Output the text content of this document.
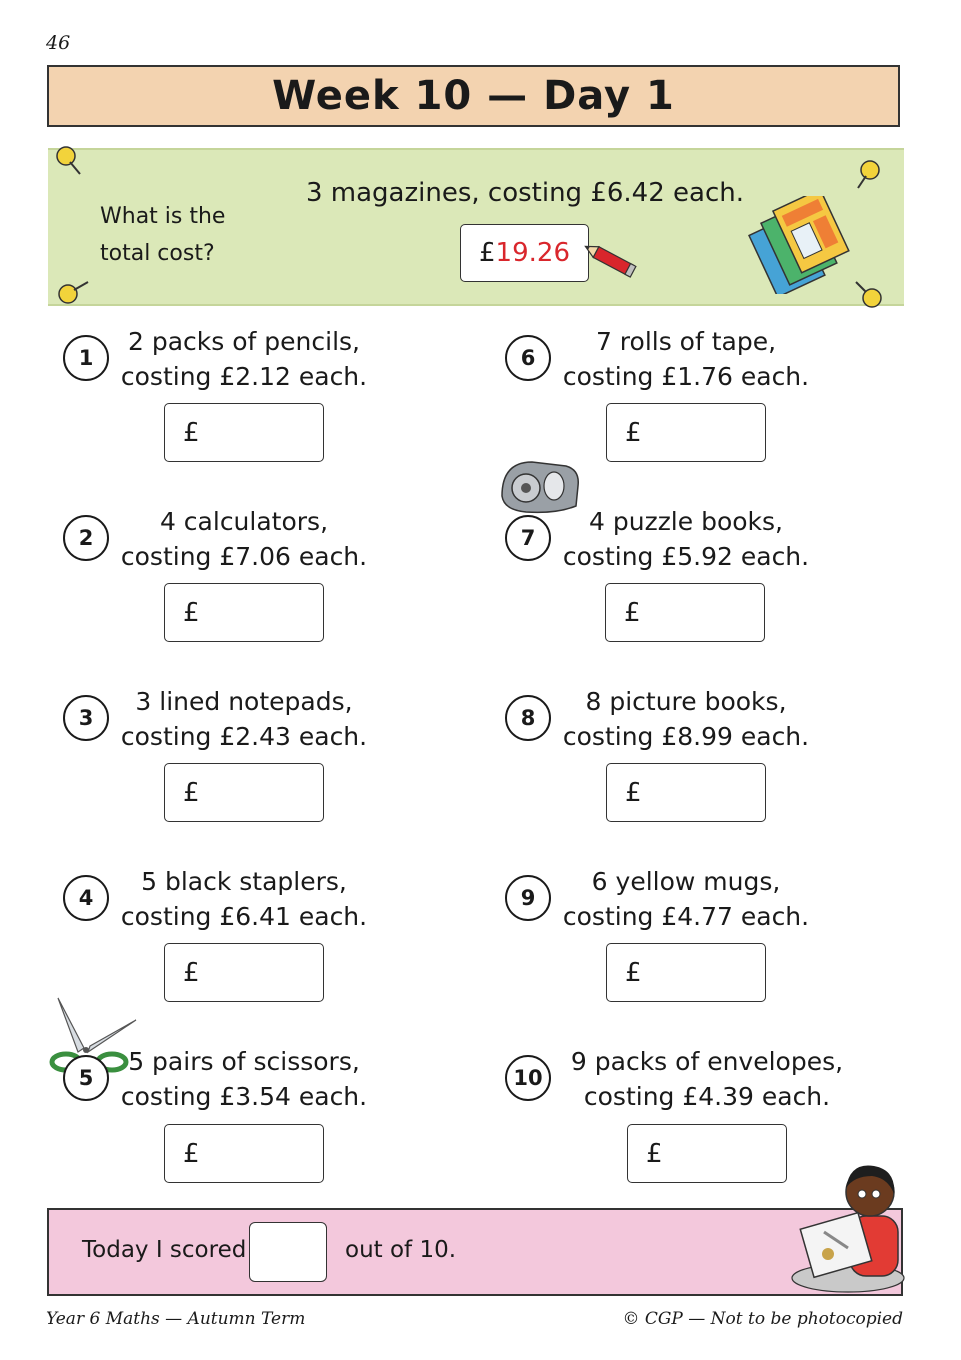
46
Week 10 — Day 1
What is the total cost?
3 magazines, costing £6.42 each.
£ 19.26
1
2 packs of pencils,
costing £2.12 each.
£
2
4 calculators,
costing £7.06 each.
£
3
3 lined notepads,
costing £2.43 each.
£
4
5 black staplers,
costing £6.41 each.
£
5
5 pairs of scissors,
costing £3.54 each.
£
6
7 rolls of tape,
costing £1.76 each.
£
7
4 puzzle books,
costing £5.92 each.
£
8
8 picture books,
costing £8.99 each.
£
9
6 yellow mugs,
costing £4.77 each.
£
10
9 packs of envelopes,
costing £4.39 each.
£
Today I scored	out of 10.
Year 6 Maths — Autumn Term	© CGP — Not to be photocopied
